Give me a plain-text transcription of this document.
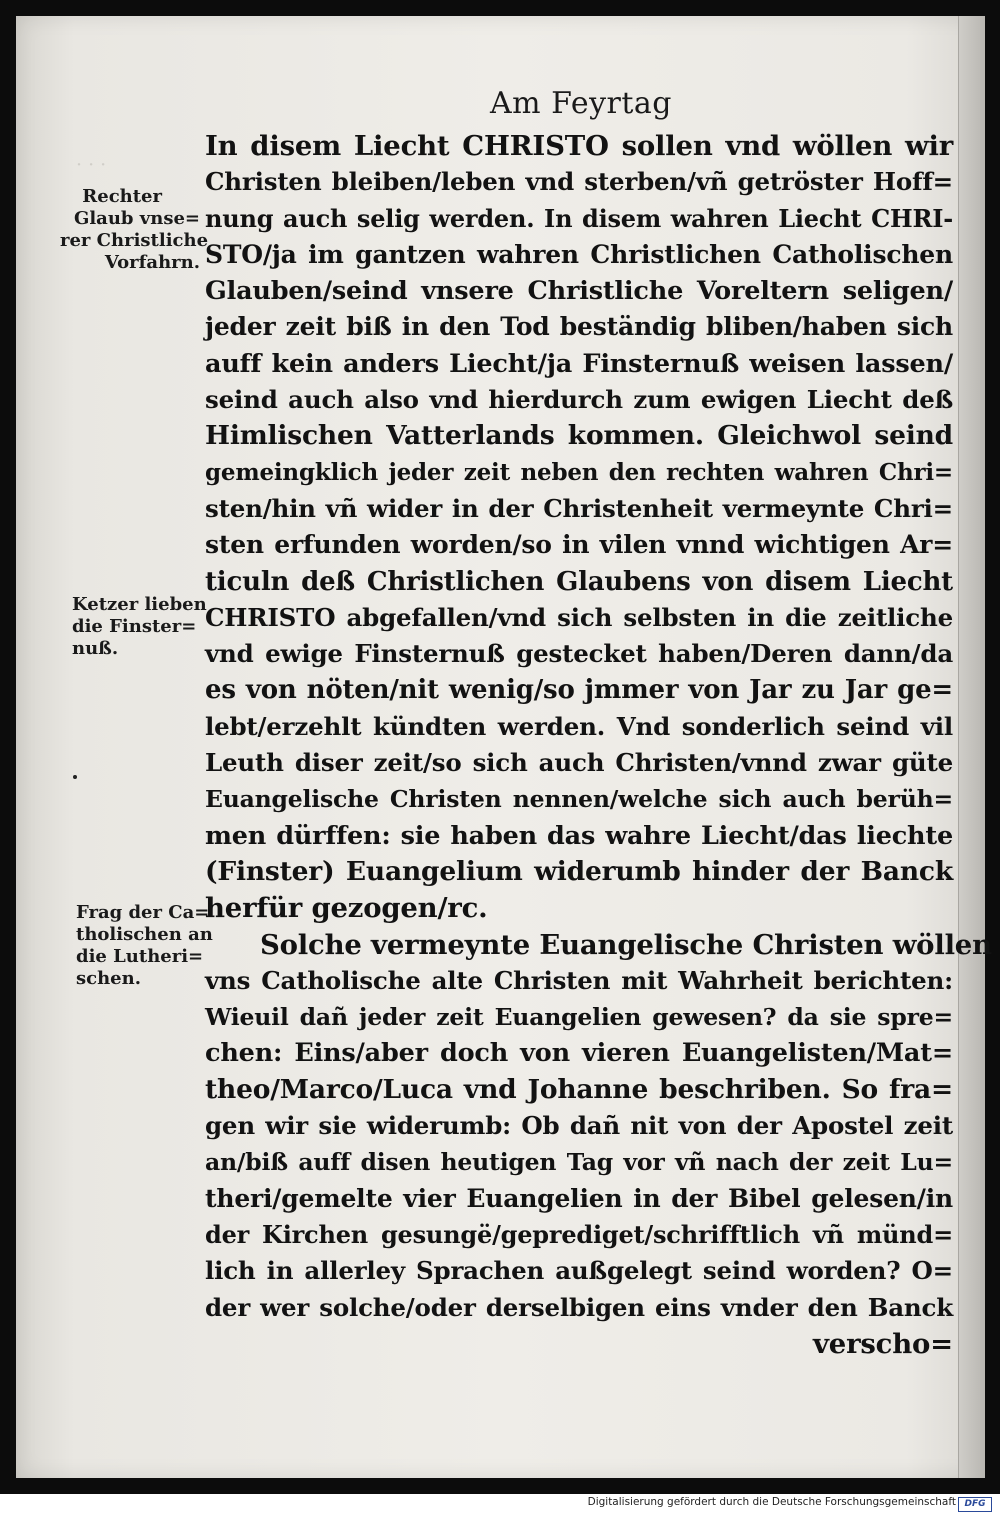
· · ·
Am Feyrtag
In disem Liecht CHRISTO sollen vnd wöllen wir
Christen bleiben/leben vnd sterben/vñ getröster Hoff=
nung auch selig werden. In disem wahren Liecht CHRI-
STO/ja im gantzen wahren Christlichen Catholischen
Glauben/seind vnsere Christliche Voreltern seligen/
jeder zeit biß in den Tod beständig bliben/haben sich
auff kein anders Liecht/ja Finsternuß weisen lassen/
seind auch also vnd hierdurch zum ewigen Liecht deß
Himlischen Vatterlands kommen. Gleichwol seind
gemeingklich jeder zeit neben den rechten wahren Chri=
sten/hin vñ wider in der Christenheit vermeynte Chri=
sten erfunden worden/so in vilen vnnd wichtigen Ar=
ticuln deß Christlichen Glaubens von disem Liecht
CHRISTO abgefallen/vnd sich selbsten in die zeitliche
vnd ewige Finsternuß gestecket haben/Deren dann/da
es von nöten/nit wenig/so jmmer von Jar zu Jar ge=
lebt/erzehlt kündten werden. Vnd sonderlich seind vil
Leuth diser zeit/so sich auch Christen/vnnd zwar güte
Euangelische Christen nennen/welche sich auch berüh=
men dürffen: sie haben das wahre Liecht/das liechte
(Finster) Euangelium widerumb hinder der Banck
herfür gezogen/rc.
Solche vermeynte Euangelische Christen wöllen
vns Catholische alte Christen mit Wahrheit berichten:
Wieuil dañ jeder zeit Euangelien gewesen? da sie spre=
chen: Eins/aber doch von vieren Euangelisten/Mat=
theo/Marco/Luca vnd Johanne beschriben. So fra=
gen wir sie widerumb: Ob dañ nit von der Apostel zeit
an/biß auff disen heutigen Tag vor vñ nach der zeit Lu=
theri/gemelte vier Euangelien in der Bibel gelesen/in
der Kirchen gesungë/geprediget/schrifftlich vñ münd=
lich in allerley Sprachen außgelegt seind worden? O=
der wer solche/oder derselbigen eins vnder den Banck
verscho=
Rechter
Glaub vnse=
rer Christliche
Vorfahrn.
Ketzer lieben
die Finster=
nuß.
Frag der Ca=
tholischen an
die Lutheri=
schen.
Digitalisierung gefördert durch die Deutsche Forschungsgemeinschaft DFG
